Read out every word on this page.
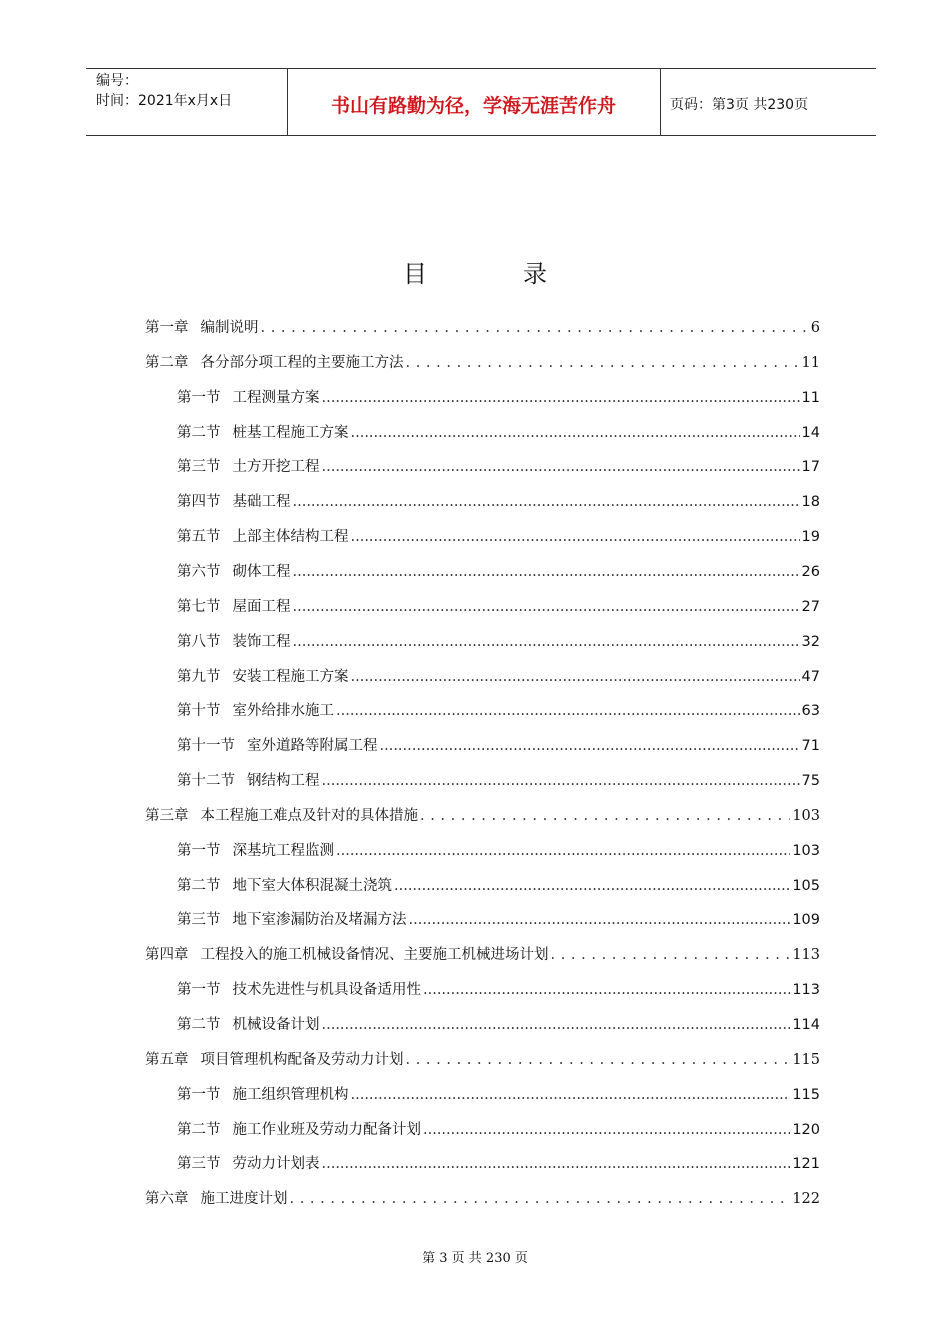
编号：
时间：2021年x月x日	书山有路勤为径，学海无涯苦作舟	页码：第3页 共230页
目	录
第一章 编制说明 . . .	6
第二章 各分部分项工程的主要施工方法 . . .	11
第一节 工程测量方案 .....	11
第二节 桩基工程施工方案 .....	14
第三节 土方开挖工程 .....	17
第四节 基础工程 .....	18
第五节 上部主体结构工程 .....	19
第六节 砌体工程 .....	26
第七节 屋面工程 .....	27
第八节 装饰工程 .....	32
第九节 安装工程施工方案 .....	47
第十节 室外给排水施工 .....	63
第十一节 室外道路等附属工程 .....	71
第十二节 钢结构工程 .....	75
第三章 本工程施工难点及针对的具体措施 . . .	103
第一节 深基坑工程监测 .....	103
第二节 地下室大体积混凝土浇筑 .....	105
第三节 地下室渗漏防治及堵漏方法 .....	109
第四章 工程投入的施工机械设备情况、主要施工机械进场计划 . . .	113
第一节 技术先进性与机具设备适用性 .....	113
第二节 机械设备计划 .....	114
第五章 项目管理机构配备及劳动力计划 . . .	115
第一节 施工组织管理机构 .....	115
第二节 施工作业班及劳动力配备计划 .....	120
第三节 劳动力计划表 .....	121
第六章 施工进度计划 . . .	122
第 3 页 共 230 页
